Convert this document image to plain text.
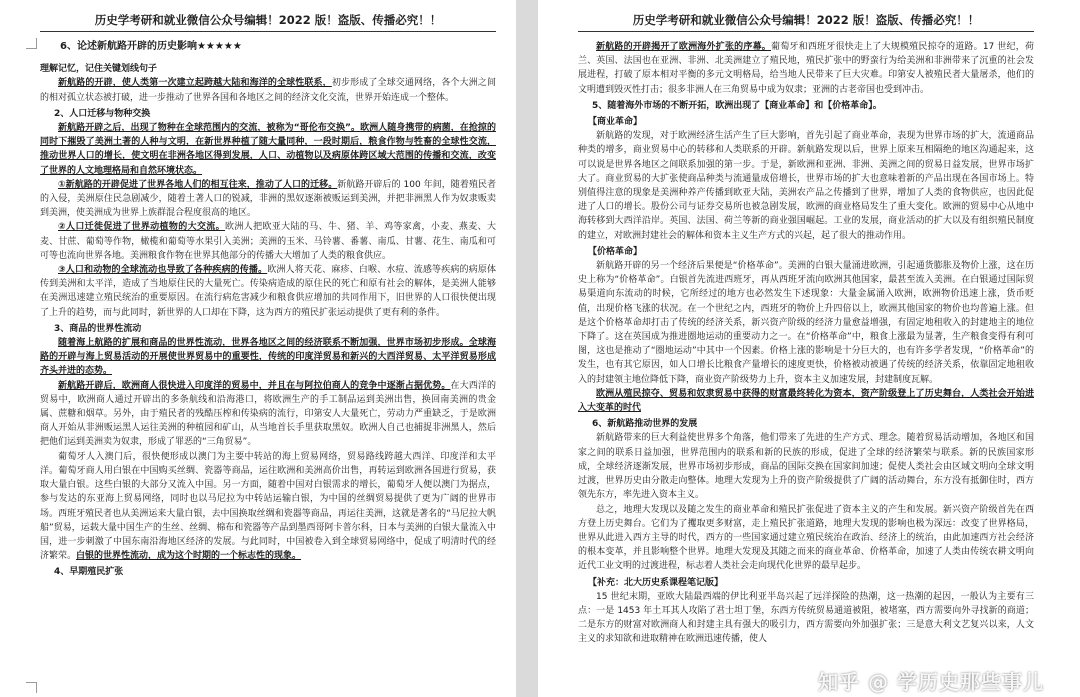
历史学考研和就业微信公众号编辑！2022 版！盗版、传播必究！！
6、论述新航路开辟的历史影响★★★★★
理解记忆，记住关键划线句子
新航路的开辟，使人类第一次建立起跨越大陆和海洋的全球性联系，初步形成了全球交通网络，各个大洲之间的相对孤立状态被打破，进一步推动了世界各国和各地区之间的经济文化交流，世界开始连成一个整体。
2、人口迁移与物种交换
新航路开辟之后，出现了物种在全球范围内的交流，被称为“哥伦布交换”。欧洲人随身携带的病菌，在抢掠的同时下摧毁了美洲土著的人种与文明，在新世界种植了随大量同种，一段时期后，粮食作物与牲畜的全球性交流，推动世界人口的增长，使文明在非洲各地区得到发展，人口、动植物以及病原体跨区域大范围的传播和交流，改变了世界的人文地理格局和自然环境状态。
①新航路的开辟促进了世界各地人们的相互往来，推动了人口的迁移。新航路开辟后的 100 年间，随着殖民者的入侵，美洲原住民急剧减少，随着土著人口的锐减，非洲的黑奴逐渐被贩运到美洲，并把非洲黑人作为奴隶贩卖到美洲，使美洲成为世界上族群混合程度很高的地区。
②人口迁徙促进了世界动植物的大交流。欧洲人把欧亚大陆的马、牛、猪、羊、鸡等家禽，小麦、燕麦、大麦、甘蔗、葡萄等作物，橄榄和葡萄等水果引入美洲；美洲的玉米、马铃薯、番薯、南瓜、甘薯、花生、南瓜和可可等也流向世界各地。美洲粮食作物在世界其他部分的传播大大增加了人类的粮食供应。
③人口和动物的全球流动也导致了各种疾病的传播。欧洲人将天花、麻疹、白喉、水痘、流感等疾病的病原体传到美洲和太平洋，造成了当地原住民的大量死亡。传染病造成的原住民的死亡和原有社会的解体，是美洲人能够在美洲迅速建立殖民统治的重要原因。在流行病危害减少和粮食供应增加的共同作用下，旧世界的人口很快便出现了上升的趋势，而与此同时，新世界的人口却在下降，这为西方的殖民扩张运动提供了更有利的条件。
3、商品的世界性流动
随着海上航路的扩展和商品的世界性流动，世界各地区之间的经济联系不断加强，世界市场初步形成。全球海路的开辟与海上贸易活动的开展使世界贸易中的重要性，传统的印度洋贸易和新兴的大西洋贸易、太平洋贸易形成齐头并进的态势。
新航路开辟后，欧洲商人很快进入印度洋的贸易中，并且在与阿拉伯商人的竞争中逐渐占据优势。在大西洋的贸易中，欧洲商人通过开辟出的多条航线和沿海港口，将欧洲生产的手工制品运到美洲出售，换回南美洲的贵金属、蔗糖和烟草。另外，由于殖民者的残酷压榨和传染病的流行，印第安人大量死亡，劳动力严重缺乏，于是欧洲商人开始从非洲贩运黑人运往美洲的种植园和矿山，从当地首长手里获取黑奴。欧洲人自己也捕捉非洲黑人，然后把他们运到美洲卖为奴隶，形成了罪恶的“三角贸易”。
葡萄牙人入澳门后，很快便形成以澳门为主要中转站的海上贸易网络，贸易路线跨越大西洋、印度洋和太平洋。葡萄牙商人用白银在中国购买丝绸、瓷器等商品，运往欧洲和美洲高价出售，再转运到欧洲各国进行贸易，获取大量白银。这些白银的大部分又流入中国。另一方面，随着中国对白银需求的增长，葡萄牙人便以澳门为据点，参与发达的东亚海上贸易网络，同时也以马尼拉为中转站运输白银，为中国的丝绸贸易提供了更为广阔的世界市场。西班牙殖民者也从美洲运来大量白银，去中国换取丝绸和瓷器等商品，再运往美洲，这就是著名的“马尼拉大帆船”贸易，运载大量中国生产的生丝、丝绸、棉布和瓷器等产品到墨西哥阿卡普尔科，日本与美洲的白银大量流入中国，进一步刺激了中国东南沿海地区经济的发展。与此同时，中国被卷入到全球贸易网络中，促成了明清时代的经济繁荣。白银的世界性流动，成为这个时期的一个标志性的现象。
4、早期殖民扩张
历史学考研和就业微信公众号编辑！2022 版！盗版、传播必究！！
新航路的开辟揭开了欧洲海外扩张的序幕。葡萄牙和西班牙很快走上了大规模殖民掠夺的道路。17 世纪，荷兰、英国、法国也在亚洲、非洲、北美洲建立了殖民地，殖民扩张中的野蛮行为给美洲和非洲带来了沉重的社会发展进程，打破了原本相对平衡的多元文明格局，给当地人民带来了巨大灾难。印第安人被殖民者大量屠杀，他们的文明遭到毁灭性打击；很多非洲人在三角贸易中成为奴隶；亚洲的古老帝国也受到冲击。
5、随着海外市场的不断开拓，欧洲出现了【商业革命】和【价格革命】。
【商业革命】
新航路的发现，对于欧洲经济生活产生了巨大影响，首先引起了商业革命，表现为世界市场的扩大，流通商品种类的增多，商业贸易中心的转移和人类联系的开辟。新航路发现以后，世界上原来互相隔绝的地区沟通起来，这可以说是世界各地区之间联系加强的第一步。于是，新欧洲和亚洲、非洲、美洲之间的贸易日益发展，世界市场扩大了。商业贸易的大扩张使商品种类与流通量成倍增长，世界市场的扩大也意味着新的产品出现在各国市场上。特别值得注意的现象是美洲种养产传播到欧亚大陆，美洲农产品之传播到了世界，增加了人类的食物供应，也因此促进了人口的增长。股份公司与证券交易所也被急剧发展，欧洲的商业格局发生了重大变化。欧洲的贸易中心从地中海转移到大西洋沿岸。英国、法国、荷兰等新的商业强国崛起。工业的发展，商业活动的扩大以及有组织殖民制度的建立，对欧洲封建社会的解体和资本主义生产方式的兴起，起了很大的推动作用。
【价格革命】
新航路开辟的另一个经济后果便是“价格革命”。美洲的白银大量涌进欧洲，引起通货膨胀及物价上涨，这在历史上称为“价格革命”。白银首先流进西班牙，再从西班牙流向欧洲其他国家，最甚至流入美洲。在白银通过国际贸易渠道向东流动的时候，它所经过的地方也必然发生下述现象：大量金属涌入欧洲，欧洲物价迅速上涨，货币贬值，出现价格飞涨的状况。在一个世纪之内，西班牙的物价上升四倍以上，欧洲其他国家的物价也均普遍上涨。但是这个价格革命却打击了传统的经济关系，新兴资产阶级的经济力量愈益增强，有固定地租收入的封建地主的地位下降了。这在英国成为推进圈地运动的重要动力之一。在“价格革命”中，粮食上涨最为显著，生产粮食变得有利可图，这也是推动了“圈地运动”中其中一个因素。价格上涨的影响是十分巨大的，也有许多学者发现，“价格革命”的发生，也有其它原因，如人口增长比粮食产量增长的速度更快，价格被动被遇了传统的经济关系，依靠固定地租收入的封建领主地位降低下降，商业资产阶级势力上升，资本主义加速发展，封建制度瓦解。
欧洲从殖民掠夺、贸易和奴隶贸易中获得的财富最终转化为资本，资产阶级登上了历史舞台，人类社会开始进入大变革的时代
6、新航路推动世界的发展
新航路带来的巨大利益使世界多个角落，他们带来了先进的生产方式、理念。随着贸易活动增加，各地区和国家之间的联系日益加强，世界范围内的联系和新的民族的形成，促进了全球的经济繁荣与联系。新的民族国家形成，全球经济逐渐发展，世界市场初步形成，商品的国际交换在国家间加速；促使人类社会由区域文明向全球文明过渡，世界历史由分散走向整体。地理大发现为上升的资产阶级提供了广阔的活动舞台，东方没有抵御住时，西方领先东方，率先进入资本主义。
总之，地理大发现以及随之发生的商业革命和殖民扩张促进了资本主义的产生和发展。新兴资产阶级首先在西方登上历史舞台。它们为了攫取更多财富，走上殖民扩张道路，地理大发现的影响也极为深远：改变了世界格局，世界从此进入西方主导的时代，西方的一些国家通过建立殖民统治在政治、经济上的统治，由此加速西方社会经济的根本变革，并且影响整个世界。地理大发现及其随之而来的商业革命、价格革命，加速了人类由传统农耕文明向近代工业文明的过渡进程，标志着人类社会走向现代化世界的最早起步。
【补充：北大历史系课程笔记版】
15 世纪末期，亚欧大陆最西端的伊比利亚半岛兴起了远洋探险的热潮，这一热潮的起因，一般认为主要有三点：一是 1453 年土耳其人攻陷了君士坦丁堡，东西方传统贸易通道被阻，被堵塞，西方需要向外寻找新的商道；二是东方的财富对欧洲商人和封建主具有强大的吸引力，西方需要向外加强扩张；三是意大利文艺复兴以来，人文主义的求知欲和进取精神在欧洲迅速传播，使人
知乎 @ 学历史那些事儿
